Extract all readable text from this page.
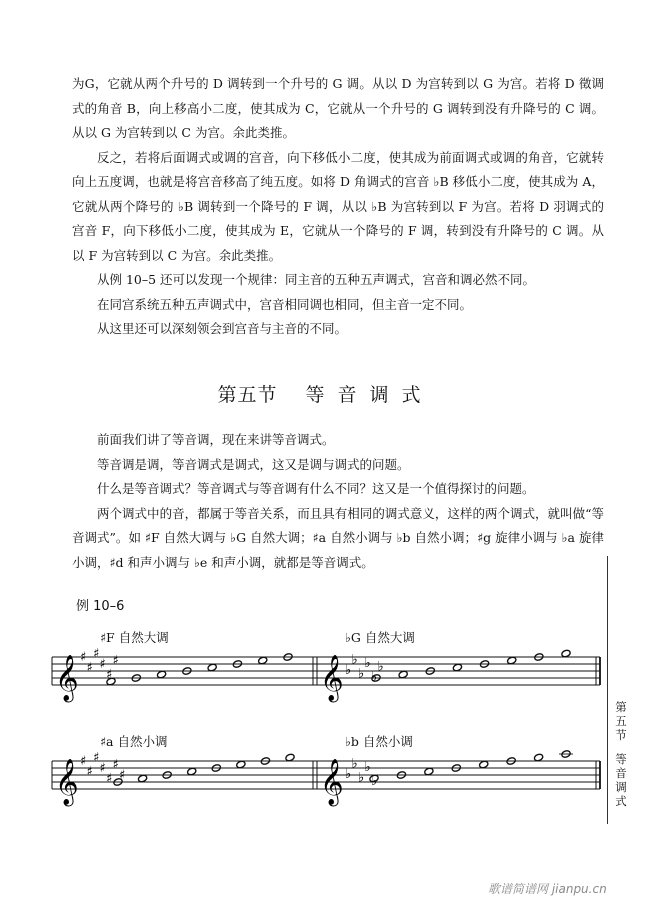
为G，它就从两个升号的 D 调转到一个升号的 G 调。从以 D 为宫转到以 G 为宫。若将 D 徵调式的角音 B，向上移高小二度，使其成为 C，它就从一个升号的 G 调转到没有升降号的 C 调。从以 G 为宫转到以 C 为宫。余此类推。

反之，若将后面调式或调的宫音，向下移低小二度，使其成为前面调式或调的角音，它就转向上五度调，也就是将宫音移高了纯五度。如将 D 角调式的宫音 ♭B 移低小二度，使其成为 A，它就从两个降号的 ♭B 调转到一个降号的 F 调，从以 ♭B 为宫转到以 F 为宫。若将 D 羽调式的宫音 F，向下移低小二度，使其成为 E，它就从一个降号的 F 调，转到没有升降号的 C 调。从以 F 为宫转到以 C 为宫。余此类推。

从例 10–5 还可以发现一个规律：同主音的五种五声调式，宫音和调必然不同。

在同宫系统五种五声调式中，宫音相同调也相同，但主音一定不同。

从这里还可以深刻领会到宫音与主音的不同。

第五节 等 音 调 式

前面我们讲了等音调，现在来讲等音调式。

等音调是调，等音调式是调式，这又是调与调式的问题。

什么是等音调式？等音调式与等音调有什么不同？这又是一个值得探讨的问题。

两个调式中的音，都属于等音关系，而且具有相同的调式意义，这样的两个调式，就叫做“等音调式”。如 ♯F 自然大调与 ♭G 自然大调；♯a 自然小调与 ♭b 自然小调；♯g 旋律小调与 ♭a 旋律小调，♯d 和声小调与 ♭e 和声小调，就都是等音调式。

例 10–6
♯F 自然大调	♭G 自然大调
♯a 自然小调	♭b 自然小调
𝄞 ♯
♯
♯
♯
♯
♯	𝄞 ♭
♭
♭
♭
♭
♭
𝄞 ♯
♯
♯
♯
♯
♯
♯	𝄞 ♭
♭
♭
♭
♭
第五节
等音调式
歌谱简谱网 jianpu.cn
